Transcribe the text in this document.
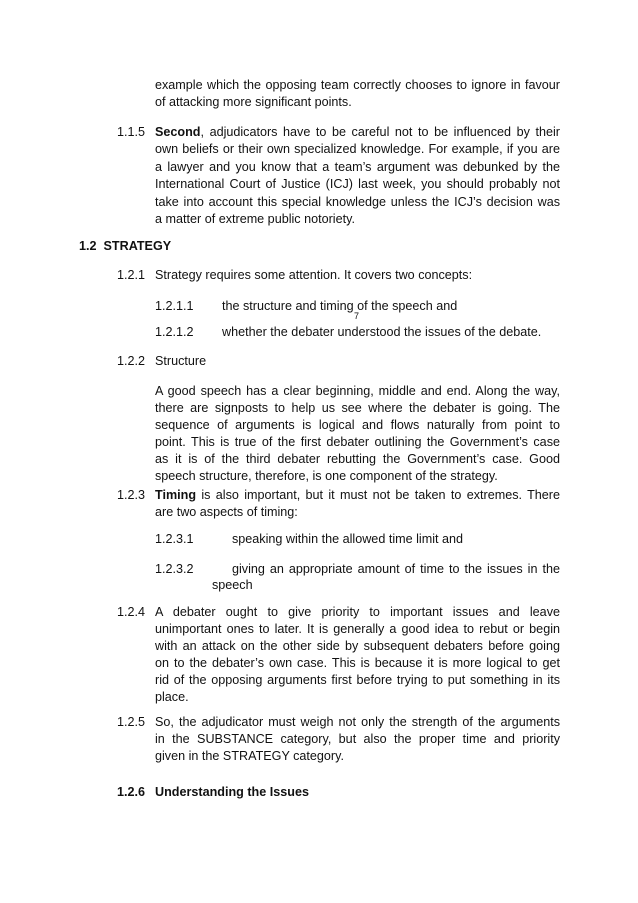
example which the opposing team correctly chooses to ignore in favour
of attacking more significant points.
1.1.5 Second, adjudicators have to be careful not to be influenced by their
own beliefs or their own specialized knowledge. For example, if you are
a lawyer and you know that a team’s argument was debunked by the
International Court of Justice (ICJ) last week, you should probably not
take into account this special knowledge unless the ICJ’s decision was
a matter of extreme public notoriety.
1.2 STRATEGY
1.2.1 Strategy requires some attention. It covers two concepts:
1.2.1.1 the structure and timing of the speech and
7
1.2.1.2 whether the debater understood the issues of the debate.
1.2.2 Structure
A good speech has a clear beginning, middle and end. Along the way,
there are signposts to help us see where the debater is going. The
sequence of arguments is logical and flows naturally from point to
point. This is true of the first debater outlining the Government’s case
as it is of the third debater rebutting the Government’s case. Good
speech structure, therefore, is one component of the strategy.
1.2.3 Timing is also important, but it must not be taken to extremes. There
are two aspects of timing:
1.2.3.1	speaking within the allowed time limit and
1.2.3.2	giving an appropriate amount of time to the issues in the
speech
1.2.4 A debater ought to give priority to important issues and leave
unimportant ones to later. It is generally a good idea to rebut or begin
with an attack on the other side by subsequent debaters before going
on to the debater’s own case. This is because it is more logical to get
rid of the opposing arguments first before trying to put something in its
place.
1.2.5 So, the adjudicator must weigh not only the strength of the arguments
in the SUBSTANCE category, but also the proper time and priority
given in the STRATEGY category.
1.2.6 Understanding the Issues
